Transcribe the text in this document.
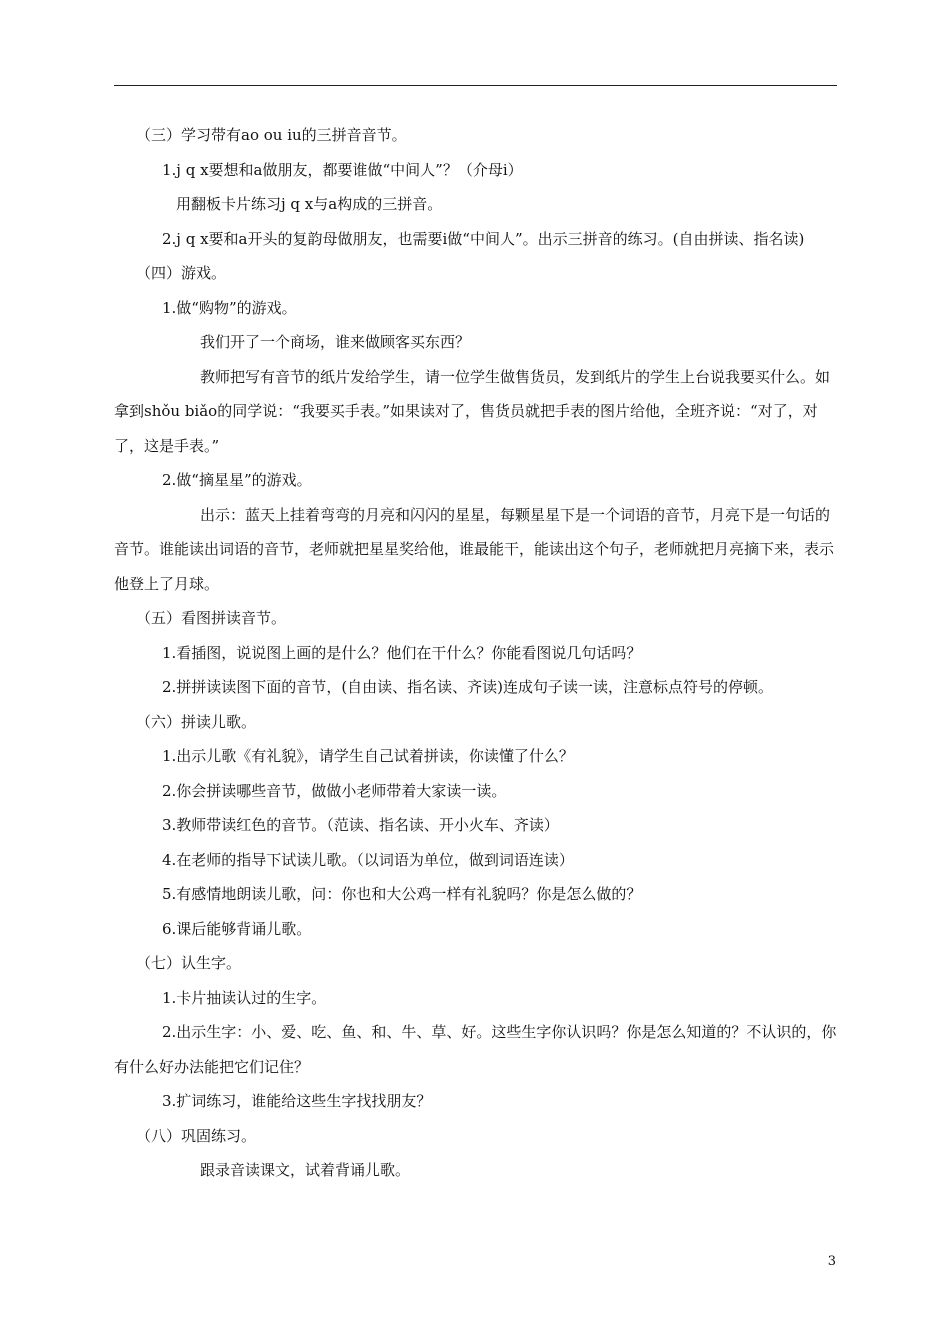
（三）学习带有ao ou iu的三拼音音节。

1.j q x要想和a做朋友，都要谁做“中间人”？（介母i）

用翻板卡片练习j q x与a构成的三拼音。

2.j q x要和a开头的复韵母做朋友，也需要i做“中间人”。出示三拼音的练习。(自由拼读、指名读)

（四）游戏。

1.做“购物”的游戏。

我们开了一个商场，谁来做顾客买东西？

教师把写有音节的纸片发给学生，请一位学生做售货员，发到纸片的学生上台说我要买什么。如拿到shǒu biǎo的同学说：“我要买手表。”如果读对了，售货员就把手表的图片给他，全班齐说：“对了，对了，这是手表。”

2.做“摘星星”的游戏。

出示：蓝天上挂着弯弯的月亮和闪闪的星星，每颗星星下是一个词语的音节，月亮下是一句话的音节。谁能读出词语的音节，老师就把星星奖给他，谁最能干，能读出这个句子，老师就把月亮摘下来，表示他登上了月球。

（五）看图拼读音节。

1.看插图，说说图上画的是什么？他们在干什么？你能看图说几句话吗？

2.拼拼读读图下面的音节，(自由读、指名读、齐读)连成句子读一读，注意标点符号的停顿。

（六）拼读儿歌。

1.出示儿歌《有礼貌》，请学生自己试着拼读，你读懂了什么？

2.你会拼读哪些音节，做做小老师带着大家读一读。

3.教师带读红色的音节。（范读、指名读、开小火车、齐读）

4.在老师的指导下试读儿歌。（以词语为单位，做到词语连读）

5.有感情地朗读儿歌，问：你也和大公鸡一样有礼貌吗？你是怎么做的？

6.课后能够背诵儿歌。

（七）认生字。

1.卡片抽读认过的生字。

2.出示生字：小、爱、吃、鱼、和、牛、草、好。这些生字你认识吗？你是怎么知道的？不认识的，你有什么好办法能把它们记住？

3.扩词练习，谁能给这些生字找找朋友？

（八）巩固练习。

跟录音读课文，试着背诵儿歌。

3
